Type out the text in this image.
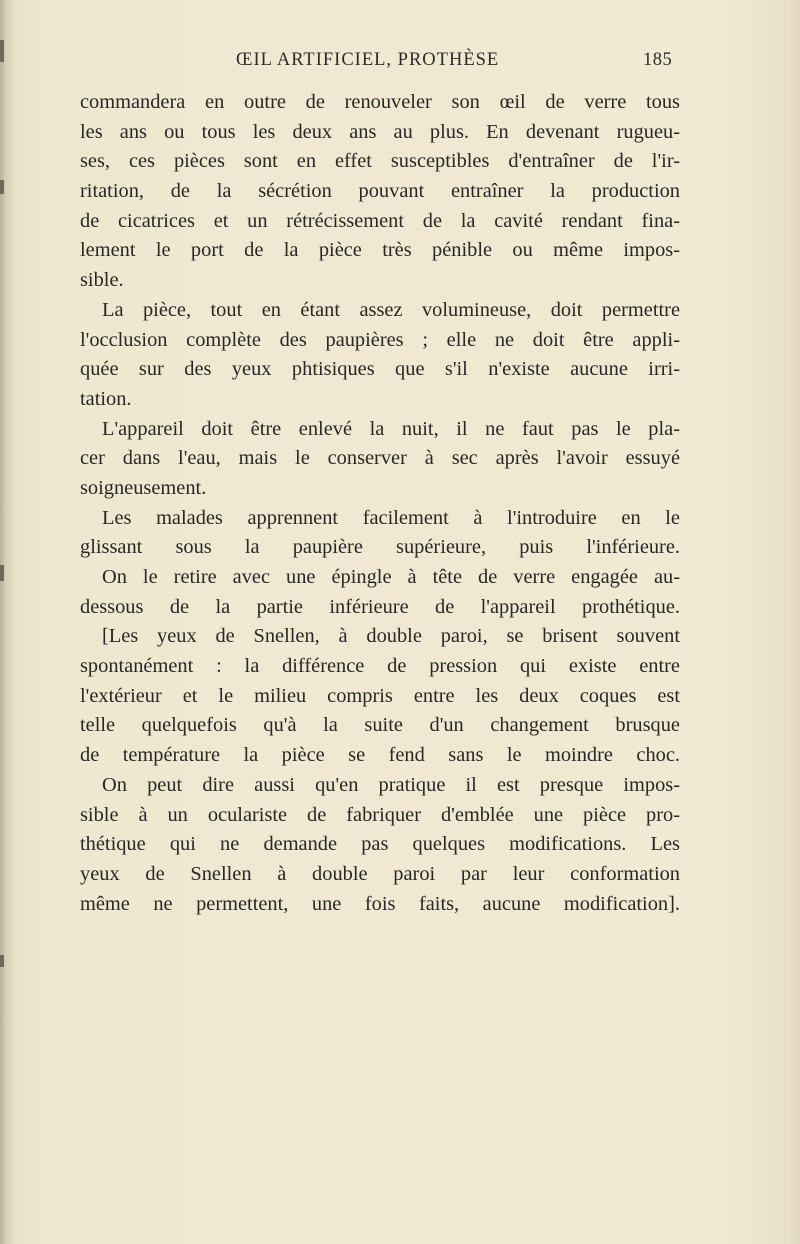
ŒIL ARTIFICIEL, PROTHÈSE	185
commandera en outre de renouveler son œil de verre tous
les ans ou tous les deux ans au plus. En devenant rugueu-
ses, ces pièces sont en effet susceptibles d'entraîner de l'ir-
ritation, de la sécrétion pouvant entraîner la production
de cicatrices et un rétrécissement de la cavité rendant fina-
lement le port de la pièce très pénible ou même impos-
sible.
La pièce, tout en étant assez volumineuse, doit permettre
l'occlusion complète des paupières ; elle ne doit être appli-
quée sur des yeux phtisiques que s'il n'existe aucune irri-
tation.
L'appareil doit être enlevé la nuit, il ne faut pas le pla-
cer dans l'eau, mais le conserver à sec après l'avoir essuyé
soigneusement.
Les malades apprennent facilement à l'introduire en le
glissant sous la paupière supérieure, puis l'inférieure.
On le retire avec une épingle à tête de verre engagée au-
dessous de la partie inférieure de l'appareil prothétique.
[Les yeux de Snellen, à double paroi, se brisent souvent
spontanément : la différence de pression qui existe entre
l'extérieur et le milieu compris entre les deux coques est
telle quelquefois qu'à la suite d'un changement brusque
de température la pièce se fend sans le moindre choc.
On peut dire aussi qu'en pratique il est presque impos-
sible à un oculariste de fabriquer d'emblée une pièce pro-
thétique qui ne demande pas quelques modifications. Les
yeux de Snellen à double paroi par leur conformation
même ne permettent, une fois faits, aucune modification].
